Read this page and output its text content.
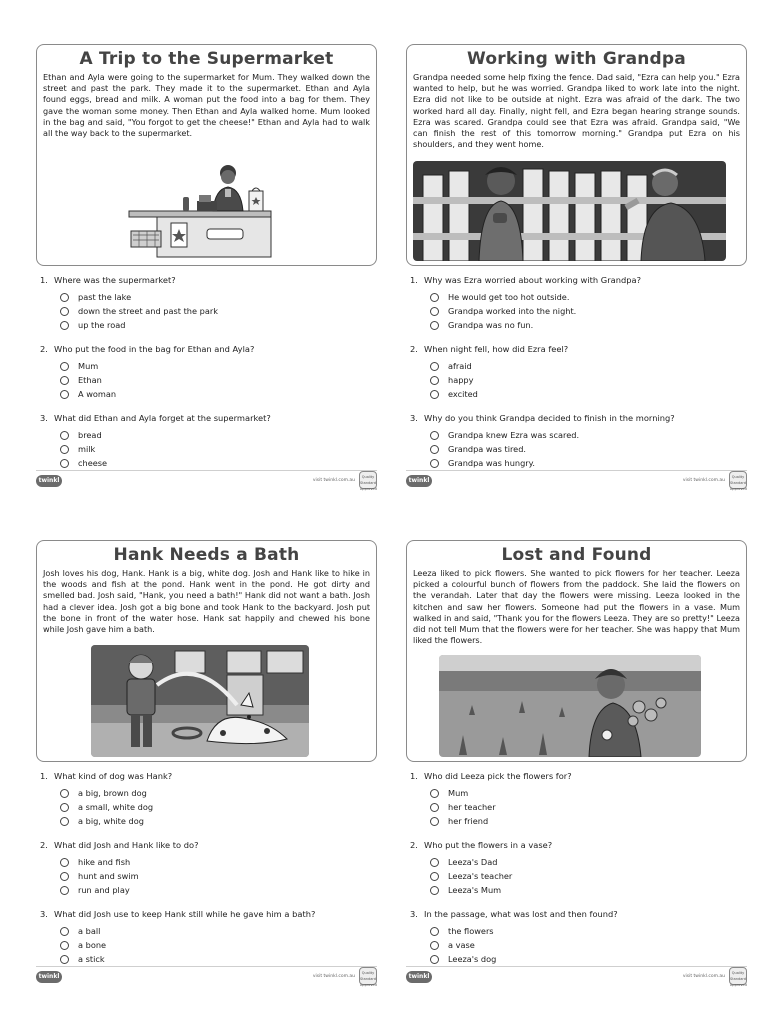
A Trip to the Supermarket
Ethan and Ayla were going to the supermarket for Mum. They walked down the street and past the park. They made it to the supermarket. Ethan and Ayla found eggs, bread and milk. A woman put the food into a bag for them. They gave the woman some money. Then Ethan and Ayla walked home. Mum looked in the bag and said, "You forgot to get the cheese!" Ethan and Ayla had to walk all the way back to the supermarket.
1. Where was the supermarket?
past the lake
down the street and past the park
up the road
2. Who put the food in the bag for Ethan and Ayla?
Mum
Ethan
A woman
3. What did Ethan and Ayla forget at the supermarket?
bread
milk
cheese
twinkl	visit twinkl.com.au
Quality Standard Approved
Working with Grandpa
Grandpa needed some help fixing the fence. Dad said, "Ezra can help you." Ezra wanted to help, but he was worried. Grandpa liked to work late into the night. Ezra did not like to be outside at night. Ezra was afraid of the dark. The two worked hard all day. Finally, night fell, and Ezra began hearing strange sounds. Ezra was scared. Grandpa could see that Ezra was afraid. Grandpa said, "We can finish the rest of this tomorrow morning." Grandpa put Ezra on his shoulders, and they went home.
1. Why was Ezra worried about working with Grandpa?
He would get too hot outside.
Grandpa worked into the night.
Grandpa was no fun.
2. When night fell, how did Ezra feel?
afraid
happy
excited
3. Why do you think Grandpa decided to finish in the morning?
Grandpa knew Ezra was scared.
Grandpa was tired.
Grandpa was hungry.
twinkl	visit twinkl.com.au
Quality Standard Approved
Hank Needs a Bath
Josh loves his dog, Hank. Hank is a big, white dog. Josh and Hank like to hike in the woods and fish at the pond. Hank went in the pond. He got dirty and smelled bad. Josh said, "Hank, you need a bath!" Hank did not want a bath. Josh had a clever idea. Josh got a big bone and took Hank to the backyard. Josh put the bone in front of the water hose. Hank sat happily and chewed his bone while Josh gave him a bath.
1. What kind of dog was Hank?
a big, brown dog
a small, white dog
a big, white dog
2. What did Josh and Hank like to do?
hike and fish
hunt and swim
run and play
3. What did Josh use to keep Hank still while he gave him a bath?
a ball
a bone
a stick
twinkl	visit twinkl.com.au
Quality Standard Approved
Lost and Found
Leeza liked to pick flowers. She wanted to pick flowers for her teacher. Leeza picked a colourful bunch of flowers from the paddock. She laid the flowers on the verandah. Later that day the flowers were missing. Leeza looked in the kitchen and saw her flowers. Someone had put the flowers in a vase. Mum walked in and said, "Thank you for the flowers Leeza. They are so pretty!" Leeza did not tell Mum that the flowers were for her teacher. She was happy that Mum liked the flowers.
1. Who did Leeza pick the flowers for?
Mum
her teacher
her friend
2. Who put the flowers in a vase?
Leeza's Dad
Leeza's teacher
Leeza's Mum
3. In the passage, what was lost and then found?
the flowers
a vase
Leeza's dog
twinkl	visit twinkl.com.au
Quality Standard Approved
